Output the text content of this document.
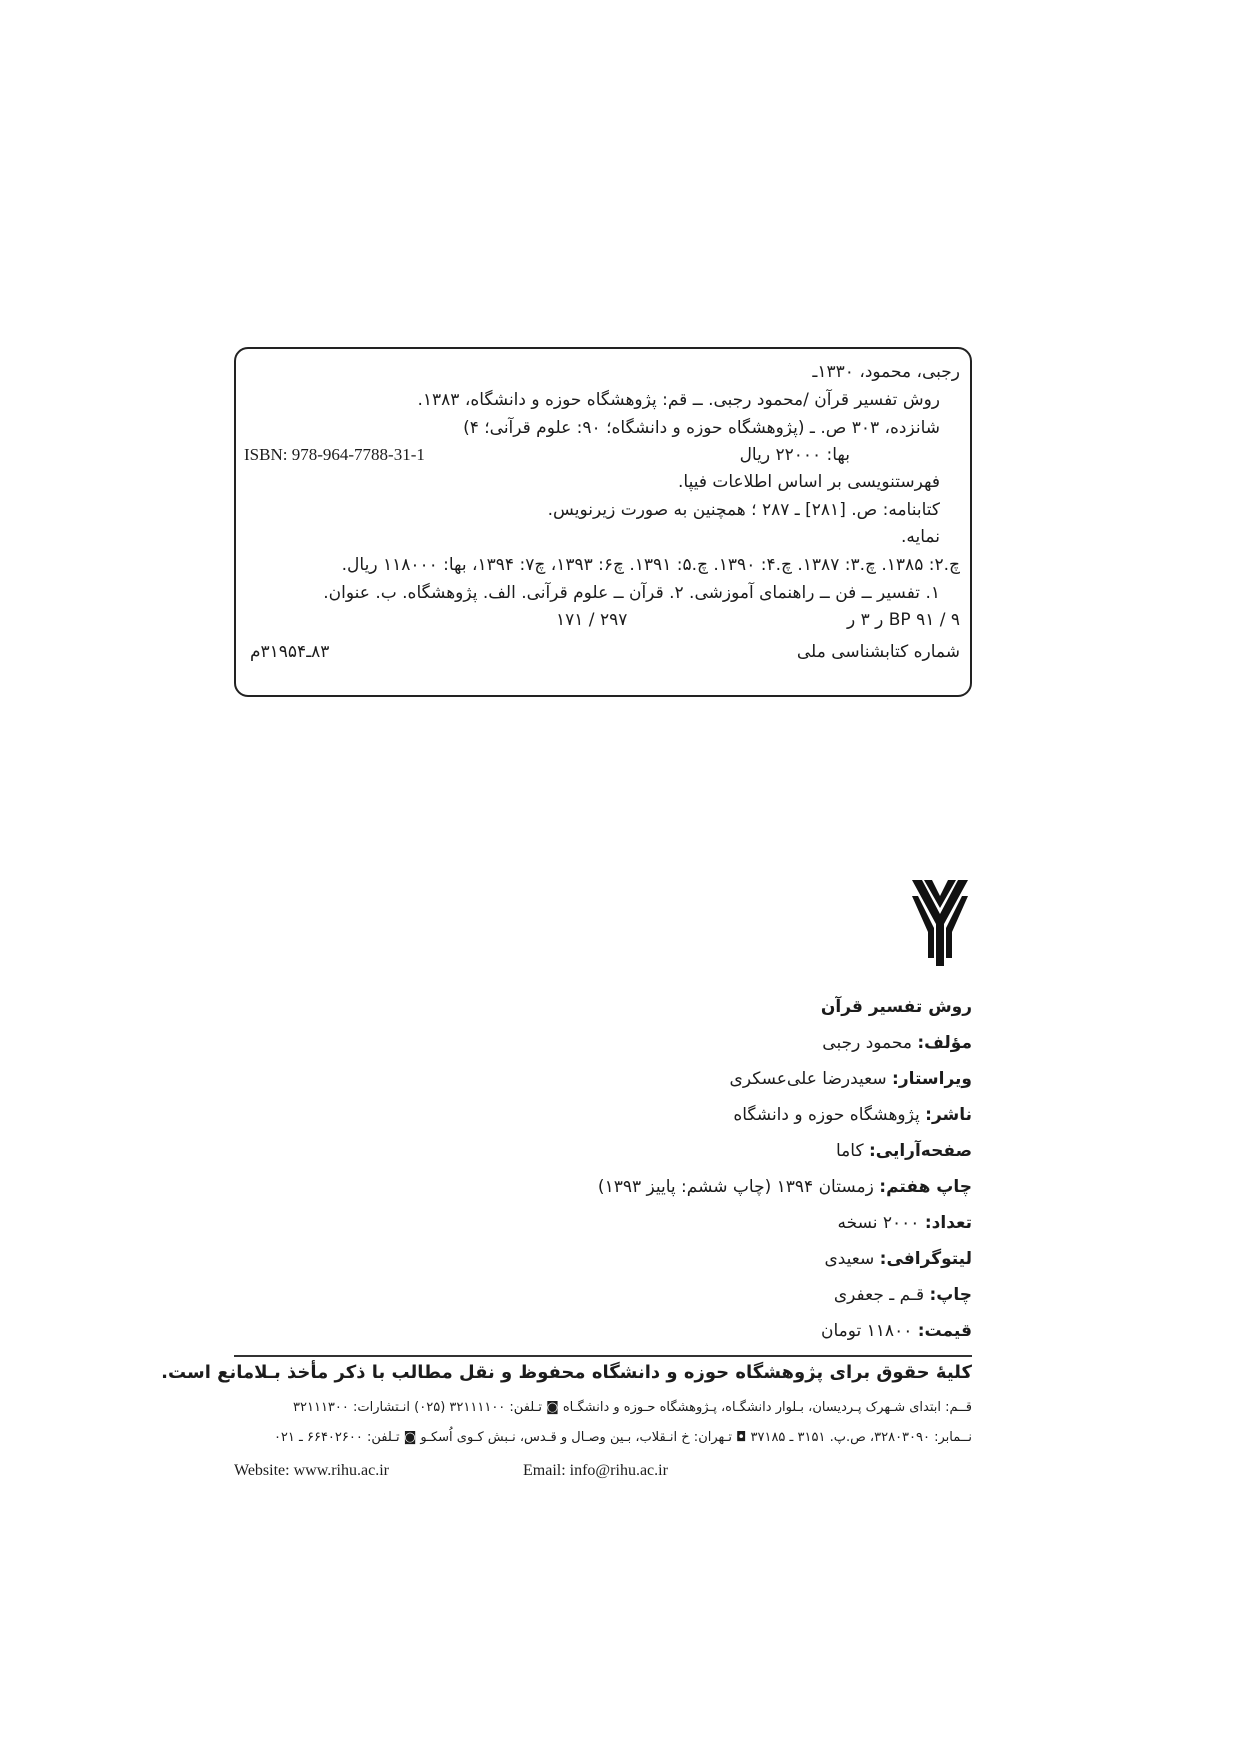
رجبی، محمود، ۱۳۳۰ـ
روش تفسیر قرآن /محمود رجبی. ــ قم: پژوهشگاه حوزه و دانشگاه، ۱۳۸۳.
شانزده، ۳۰۳ ص. ـ (پژوهشگاه حوزه و دانشگاه؛ ۹۰: علوم قرآنی؛ ۴)
بها: ۲۲۰۰۰ ریال
ISBN: 978-964-7788-31-1
فهرستنویسی بر اساس اطلاعات فیپا.
کتابنامه: ص. [۲۸۱] ـ ۲۸۷ ؛ همچنین به صورت زیرنویس.
نمایه.
چ.۲: ۱۳۸۵. چ.۳: ۱۳۸۷. چ.۴: ۱۳۹۰. چ.۵: ۱۳۹۱. چ۶: ۱۳۹۳، چ۷: ۱۳۹۴، بها: ۱۱۸۰۰۰ ریال.
۱. تفسیر ــ فن ــ راهنمای آموزشی. ۲. قرآن ــ علوم قرآنی. الف. پژوهشگاه. ب. عنوان.
BP ۹۱ / ۹ ر ۳ ر
۲۹۷ / ۱۷۱
شماره کتابشناسی ملی
۸۳ـ۳۱۹۵۴م
روش تفسیر قرآن
مؤلف: محمود رجبی
ویراستار: سعیدرضا علی‌عسکری
ناشر: پژوهشگاه حوزه و دانشگاه
صفحه‌آرایی: کاما
چاپ هفتم: زمستان ۱۳۹۴ (چاپ ششم: پاییز ۱۳۹۳)
تعداد: ۲۰۰۰ نسخه
لیتوگرافی: سعیدی
چاپ: قـم ـ جعفری
قیمت: ۱۱۸۰۰ تومان
کلیهٔ حقوق برای پژوهشگاه حوزه و دانشگاه محفوظ و نقل مطالب با ذکر مأخذ بـلامانع است.
قــم: ابتدای شـهرک پـردیسان، بـلوار دانشگـاه، پـژوهشگاه حـوزه و دانشگـاه ◙ تـلفن: ۳۲۱۱۱۱۰۰ (۰۲۵) انـتشارات: ۳۲۱۱۱۳۰۰
نــمابر: ۳۲۸۰۳۰۹۰، ص.پ. ۳۱۵۱ ـ ۳۷۱۸۵ ◘ تـهران: خ انـقلاب، بـین وصـال و قـدس، نـبش کـوی اُسکـو ◙ تـلفن: ۶۶۴۰۲۶۰۰ ـ ۰۲۱
Website: www.rihu.ac.ir	Email: info@rihu.ac.ir
